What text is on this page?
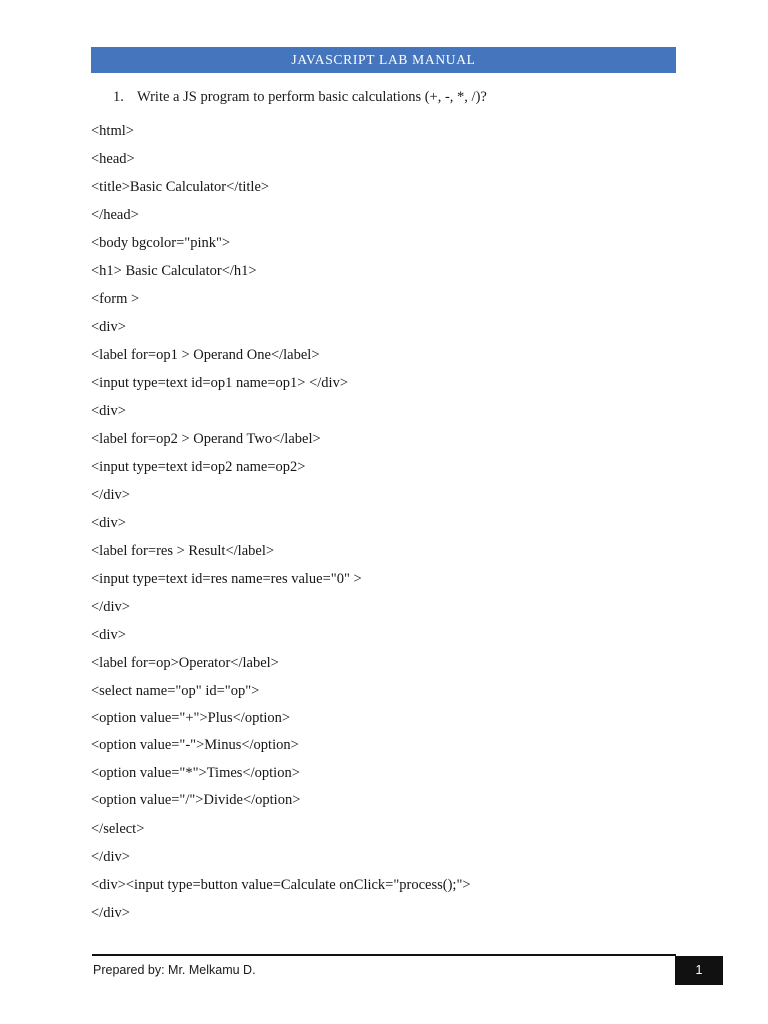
JAVASCRIPT LAB MANUAL
1. Write a JS program to perform basic calculations (+, -, *, /)?
<html>
<head>
<title>Basic Calculator</title>
</head>
<body bgcolor="pink">
<h1> Basic Calculator</h1>
<form >
<div>
<label for=op1 > Operand One</label>
<input type=text id=op1 name=op1> </div>
<div>
<label for=op2 > Operand Two</label>
<input type=text id=op2 name=op2>
</div>
<div>
<label for=res > Result</label>
<input type=text id=res name=res value="0" >
</div>
<div>
<label for=op>Operator</label>
<select name="op" id="op">
<option value="+">Plus</option>
<option value="-">Minus</option>
<option value="*">Times</option>
<option value="/">Divide</option>
</select>
</div>
<div><input type=button value=Calculate onClick="process();">
</div>
Prepared by: Mr. Melkamu D.	1
